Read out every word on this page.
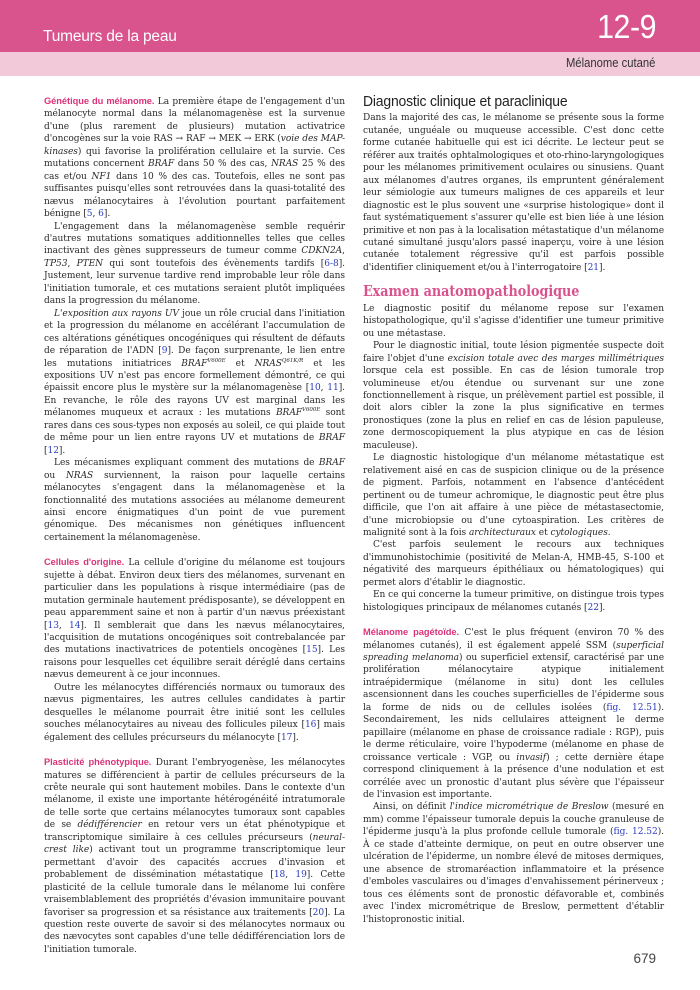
Tumeurs de la peau	12-9
Mélanome cutané

Génétique du mélanome. La première étape de l'engagement d'un mélanocyte normal dans la mélanomagenèse est la survenue d'une (plus rarement de plusieurs) mutation activatrice d'oncogènes sur la voie RAS → RAF → MEK → ERK (voie des MAP-kinases) qui favorise la prolifération cellulaire et la survie. Ces mutations concernent BRAF dans 50 % des cas, NRAS 25 % des cas et/ou NF1 dans 10 % des cas. Toutefois, elles ne sont pas suffisantes puisqu'elles sont retrouvées dans la quasi-totalité des nævus mélanocytaires à l'évolution pourtant parfaitement bénigne [5, 6].

L'engagement dans la mélanomagenèse semble requérir d'autres mutations somatiques additionnelles telles que celles inactivant des gènes suppresseurs de tumeur comme CDKN2A, TP53, PTEN qui sont toutefois des évènements tardifs [6-8]. Justement, leur survenue tardive rend improbable leur rôle dans l'initiation tumorale, et ces mutations seraient plutôt impliquées dans la progression du mélanome.

L'exposition aux rayons UV joue un rôle crucial dans l'initiation et la progression du mélanome en accélérant l'accumulation de ces altérations génétiques oncogéniques qui résultent de défauts de réparation de l'ADN [9]. De façon surprenante, le lien entre les mutations initiatrices $BRAF^{V600E}$ et $NRAS^{Q61K/R}$ et les expositions UV n'est pas encore formellement démontré, ce qui épaissit encore plus le mystère sur la mélanomagenèse [10, 11]. En revanche, le rôle des rayons UV est marginal dans les mélanomes muqueux et acraux : les mutations $BRAF^{V600E}$ sont rares dans ces sous-types non exposés au soleil, ce qui plaide tout de même pour un lien entre rayons UV et mutations de BRAF [12].

Les mécanismes expliquant comment des mutations de BRAF ou NRAS surviennent, la raison pour laquelle certains mélanocytes s'engagent dans la mélanomagenèse et la fonctionnalité des mutations associées au mélanome demeurent ainsi encore énigmatiques d'un point de vue purement génomique. Des mécanismes non génétiques influencent certainement la mélanomagenèse.

Cellules d'origine. La cellule d'origine du mélanome est toujours sujette à débat. Environ deux tiers des mélanomes, survenant en particulier dans les populations à risque intermédiaire (pas de mutation germinale hautement prédisposante), se développent en peau apparemment saine et non à partir d'un nævus préexistant [13, 14]. Il semblerait que dans les nævus mélanocytaires, l'acquisition de mutations oncogéniques soit contrebalancée par des mutations inactivatrices de potentiels oncogènes [15]. Les raisons pour lesquelles cet équilibre serait déréglé dans certains nævus demeurent à ce jour inconnues.

Outre les mélanocytes différenciés normaux ou tumoraux des nævus pigmentaires, les autres cellules candidates à partir desquelles le mélanome pourrait être initié sont les cellules souches mélanocytaires au niveau des follicules pileux [16] mais également des cellules précurseurs du mélanocyte [17].

Plasticité phénotypique. Durant l'embryogenèse, les mélanocytes matures se différencient à partir de cellules précurseurs de la crête neurale qui sont hautement mobiles. Dans le contexte d'un mélanome, il existe une importante hétérogénéité intratumorale de telle sorte que certains mélanocytes tumoraux sont capables de se dédifférencier en retour vers un état phénotypique et transcriptomique similaire à ces cellules précurseurs (neural-crest like) activant tout un programme transcriptomique leur permettant d'avoir des capacités accrues d'invasion et probablement de dissémination métastatique [18, 19]. Cette plasticité de la cellule tumorale dans le mélanome lui confère vraisemblablement des propriétés d'évasion immunitaire pouvant favoriser sa progression et sa résistance aux traitements [20]. La question reste ouverte de savoir si des mélanocytes normaux ou des nævocytes sont capables d'une telle dédifférenciation lors de l'initiation tumorale.

Diagnostic clinique et paraclinique

Dans la majorité des cas, le mélanome se présente sous la forme cutanée, unguéale ou muqueuse accessible. C'est donc cette forme cutanée habituelle qui est ici décrite. Le lecteur peut se référer aux traités ophtalmologiques et oto-rhino-laryngologiques pour les mélanomes primitivement oculaires ou sinusiens. Quant aux mélanomes d'autres organes, ils empruntent généralement leur sémiologie aux tumeurs malignes de ces appareils et leur diagnostic est le plus souvent une «surprise histologique» dont il faut systématiquement s'assurer qu'elle est bien liée à une lésion primitive et non pas à la localisation métastatique d'un mélanome cutané simultané jusqu'alors passé inaperçu, voire à une lésion cutanée totalement régressive qu'il est parfois possible d'identifier cliniquement et/ou à l'interrogatoire [21].

Examen anatomopathologique

Le diagnostic positif du mélanome repose sur l'examen histopathologique, qu'il s'agisse d'identifier une tumeur primitive ou une métastase.

Pour le diagnostic initial, toute lésion pigmentée suspecte doit faire l'objet d'une excision totale avec des marges millimétriques lorsque cela est possible. En cas de lésion tumorale trop volumineuse et/ou étendue ou survenant sur une zone fonctionnellement à risque, un prélèvement partiel est possible, il doit alors cibler la zone la plus significative en termes pronostiques (zone la plus en relief en cas de lésion papuleuse, zone dermoscopiquement la plus atypique en cas de lésion maculeuse).

Le diagnostic histologique d'un mélanome métastatique est relativement aisé en cas de suspicion clinique ou de la présence de pigment. Parfois, notamment en l'absence d'antécédent pertinent ou de tumeur achromique, le diagnostic peut être plus difficile, que l'on ait affaire à une pièce de métastasectomie, d'une microbiopsie ou d'une cytoaspiration. Les critères de malignité sont à la fois architecturaux et cytologiques.

C'est parfois seulement le recours aux techniques d'immunohistochimie (positivité de Melan-A, HMB-45, S-100 et négativité des marqueurs épithéliaux ou hématologiques) qui permet alors d'établir le diagnostic.

En ce qui concerne la tumeur primitive, on distingue trois types histologiques principaux de mélanomes cutanés [22].

Mélanome pagétoïde. C'est le plus fréquent (environ 70 % des mélanomes cutanés), il est également appelé SSM (superficial spreading melanoma) ou superficiel extensif, caractérisé par une prolifération mélanocytaire atypique initialement intraépidermique (mélanome in situ) dont les cellules ascensionnent dans les couches superficielles de l'épiderme sous la forme de nids ou de cellules isolées (fig. 12.51). Secondairement, les nids cellulaires atteignent le derme papillaire (mélanome en phase de croissance radiale : RGP), puis le derme réticulaire, voire l'hypoderme (mélanome en phase de croissance verticale : VGP, ou invasif) ; cette dernière étape correspond cliniquement à la présence d'une nodulation et est corrélée avec un pronostic d'autant plus sévère que l'épaisseur de l'invasion est importante.

Ainsi, on définit l'indice micrométrique de Breslow (mesuré en mm) comme l'épaisseur tumorale depuis la couche granuleuse de l'épiderme jusqu'à la plus profonde cellule tumorale (fig. 12.52). À ce stade d'atteinte dermique, on peut en outre observer une ulcération de l'épiderme, un nombre élevé de mitoses dermiques, une absence de stromaréaction inflammatoire et la présence d'emboles vasculaires ou d'images d'envahissement périnerveux ; tous ces éléments sont de pronostic défavorable et, combinés avec l'index micrométrique de Breslow, permettent d'établir l'histopronostic initial.

679
